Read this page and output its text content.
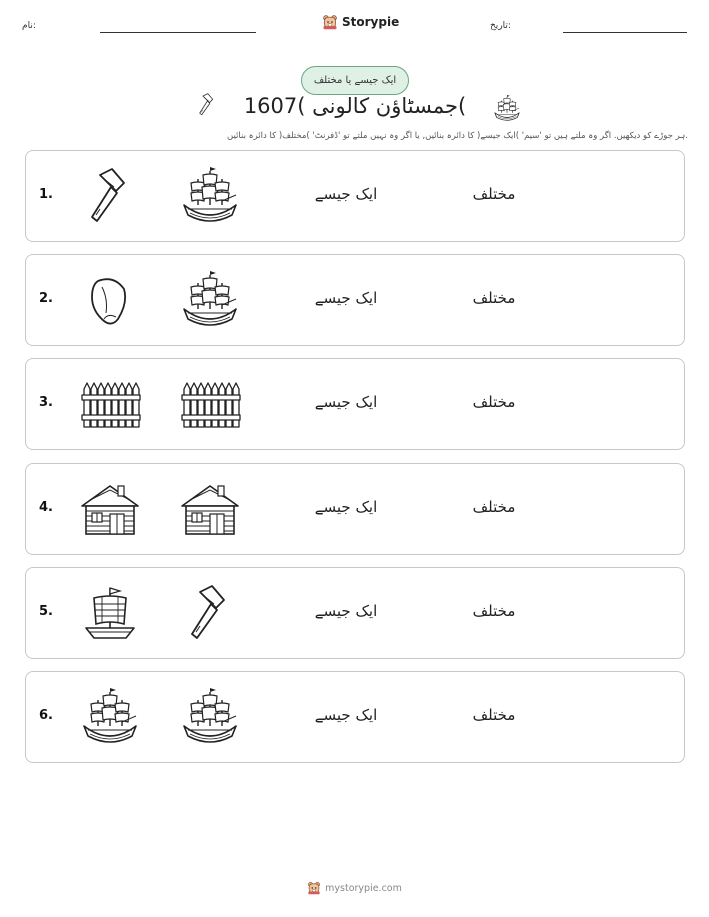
نام:	Storypie	تاریخ:
ایک جیسے یا مختلف
جمسٹاؤن کالونی )1607(
ہر جوڑے کو دیکھیں. اگر وہ ملتے ہیں تو 'سیم' )ایک جیسے( کا دائرہ بنائیں, یا اگر وہ نہیں ملتے تو 'ڈفرنٹ' )مختلف( کا دائرہ بنائیں.
1.	ایک جیسے	مختلف
2.	ایک جیسے	مختلف
3.	ایک جیسے	مختلف
4.	ایک جیسے	مختلف
5.	ایک جیسے	مختلف
6.	ایک جیسے	مختلف
mystorypie.com
